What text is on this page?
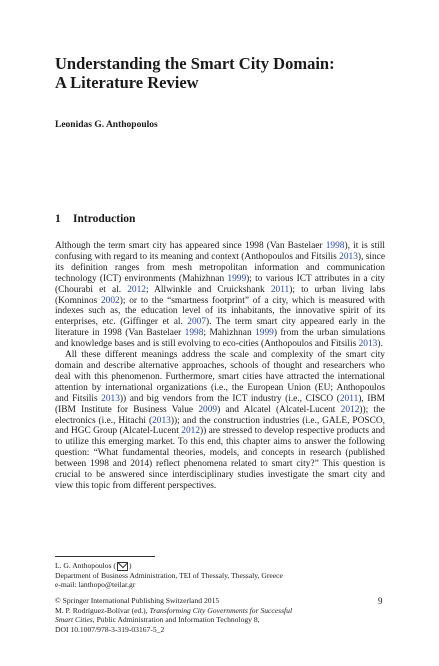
Understanding the Smart City Domain:
A Literature Review
Leonidas G. Anthopoulos
1 Introduction

Although the term smart city has appeared since 1998 (Van Bastelaer 1998), it is still confusing with regard to its meaning and context (Anthopoulos and Fitsilis 2013), since its definition ranges from mesh metropolitan information and communication technology (ICT) environments (Mahizhnan 1999); to various ICT attributes in a city (Chourabi et al. 2012; Allwinkle and Cruickshank 2011); to urban living labs (Komninos 2002); or to the “smartness footprint” of a city, which is measured with indexes such as, the education level of its inhabitants, the innovative spirit of its enterprises, etc. (Giffinger et al. 2007). The term smart city appeared early in the literature in 1998 (Van Bastelaer 1998; Mahizhnan 1999) from the urban simulations and knowledge bases and is still evolving to eco-cities (Anthopoulos and Fitsilis 2013).

All these different meanings address the scale and complexity of the smart city domain and describe alternative approaches, schools of thought and researchers who deal with this phenomenon. Furthermore, smart cities have attracted the international attention by international organizations (i.e., the European Union (EU; Anthopoulos and Fitsilis 2013)) and big vendors from the ICT industry (i.e., CISCO (2011), IBM (IBM Institute for Business Value 2009) and Alcatel (Alcatel-Lucent 2012)); the electronics (i.e., Hitachi (2013)); and the construction industries (i.e., GALE, POSCO, and HGC Group (Alcatel-Lucent 2012)) are stressed to develop respective products and to utilize this emerging market. To this end, this chapter aims to answer the following question: “What fundamental theories, models, and concepts in research (published between 1998 and 2014) reflect phenomena related to smart city?” This question is crucial to be answered since interdisciplinary studies investigate the smart city and view this topic from different perspectives.

L. G. Anthopoulos ( )
Department of Business Administration, TEI of Thessaly, Thessaly, Greece
e-mail: lanthopo@teilar.gr
© Springer International Publishing Switzerland 2015
M. P. Rodríguez-Bolívar (ed.), Transforming City Governments for Successful
Smart Cities, Public Administration and Information Technology 8,
DOI 10.1007/978-3-319-03167-5_2
9
